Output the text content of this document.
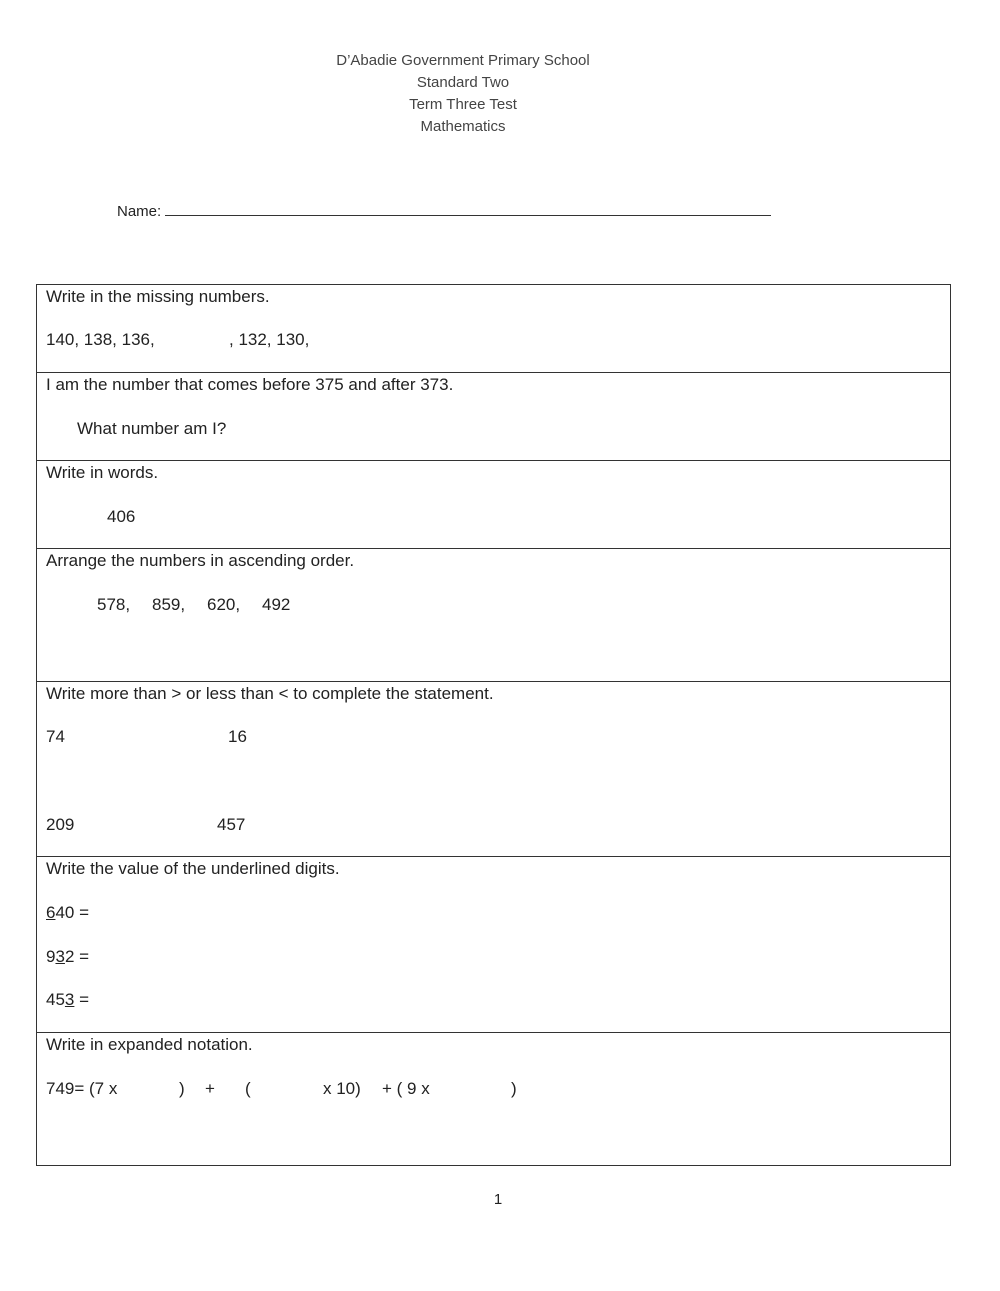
D’Abadie Government Primary School
Standard Two
Term Three Test
Mathematics
Name:
Write in the missing numbers.
140, 138, 136,	, 132, 130,
I am the number that comes before 375 and after 373.
What number am I?
Write in words.
406
Arrange the numbers in ascending order.
578, 859, 620, 492
Write more than > or less than < to complete the statement.
74	16
209	457
Write the value of the underlined digits.
640 =
932 =
453 =
Write in expanded notation.
749= (7 x	) + (	x 10) + ( 9 x	)
1
